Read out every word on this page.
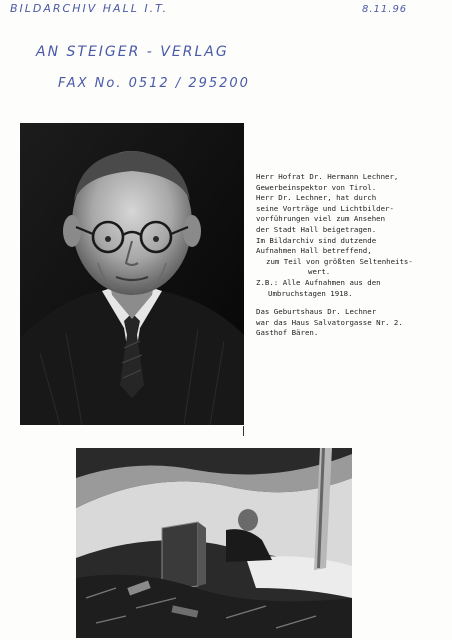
BILDARCHIV HALL I.T.	8.11.96
AN STEIGER - VERLAG
FAX No. 0512 / 295200
Herr Hofrat Dr. Hermann Lechner,
Gewerbeinspektor von Tirol.
Herr Dr. Lechner, hat durch
seine Vorträge und Lichtbilder-
vorführungen viel zum Ansehen
der Stadt Hall beigetragen.
Im Bildarchiv sind dutzende
Aufnahmen Hall betreffend,
zum Teil von größten Seltenheits-
wert.
Z.B.: Alle Aufnahmen aus den
Umbruchstagen 1918.
Das Geburtshaus Dr. Lechner
war das Haus Salvatorgasse Nr. 2.
Gasthof Bären.
